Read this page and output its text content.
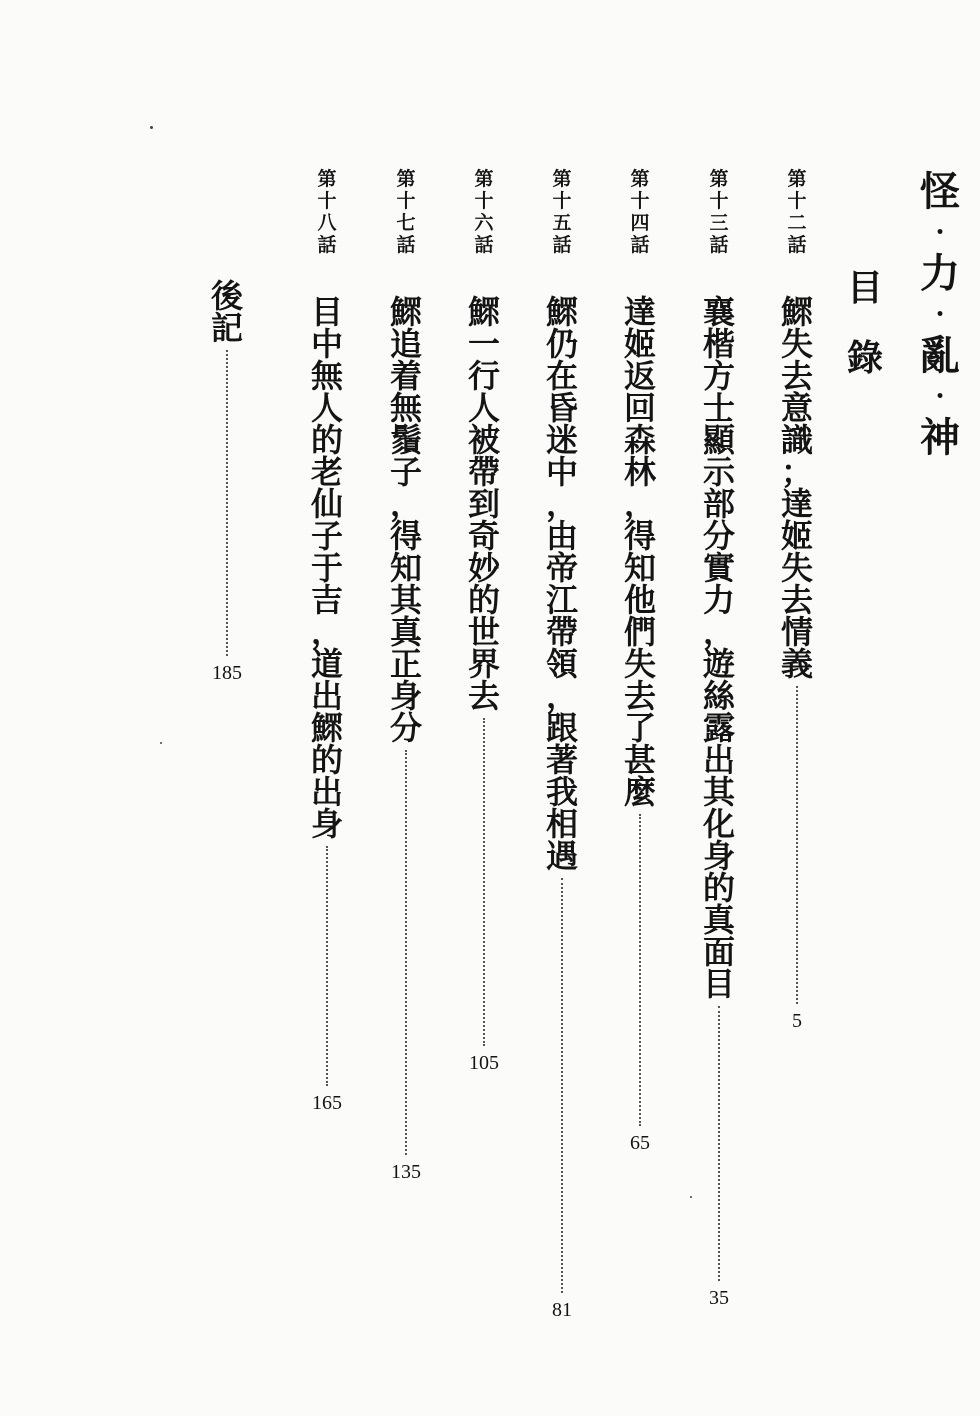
怪
・
力
・
亂
・
神
目
錄
第
十
二
話
鰥
失
去
意
識
；
達
姬
失
去
情
義
5
第
十
三
話
襄
楷
方
士
顯
示
部
分
實
力
，
遊
絲
露
出
其
化
身
的
真
面
目
35
第
十
四
話
達
姬
返
回
森
林
，
得
知
他
們
失
去
了
甚
麼
65
第
十
五
話
鰥
仍
在
昏
迷
中
，
由
帝
江
帶
領
，
跟
著
我
相
遇
81
第
十
六
話
鰥
一
行
人
被
帶
到
奇
妙
的
世
界
去
105
第
十
七
話
鰥
追
着
無
鬚
子
，
得
知
其
真
正
身
分
135
第
十
八
話
目
中
無
人
的
老
仙
子
于
吉
，
道
出
鰥
的
出
身
165
後
記
185
